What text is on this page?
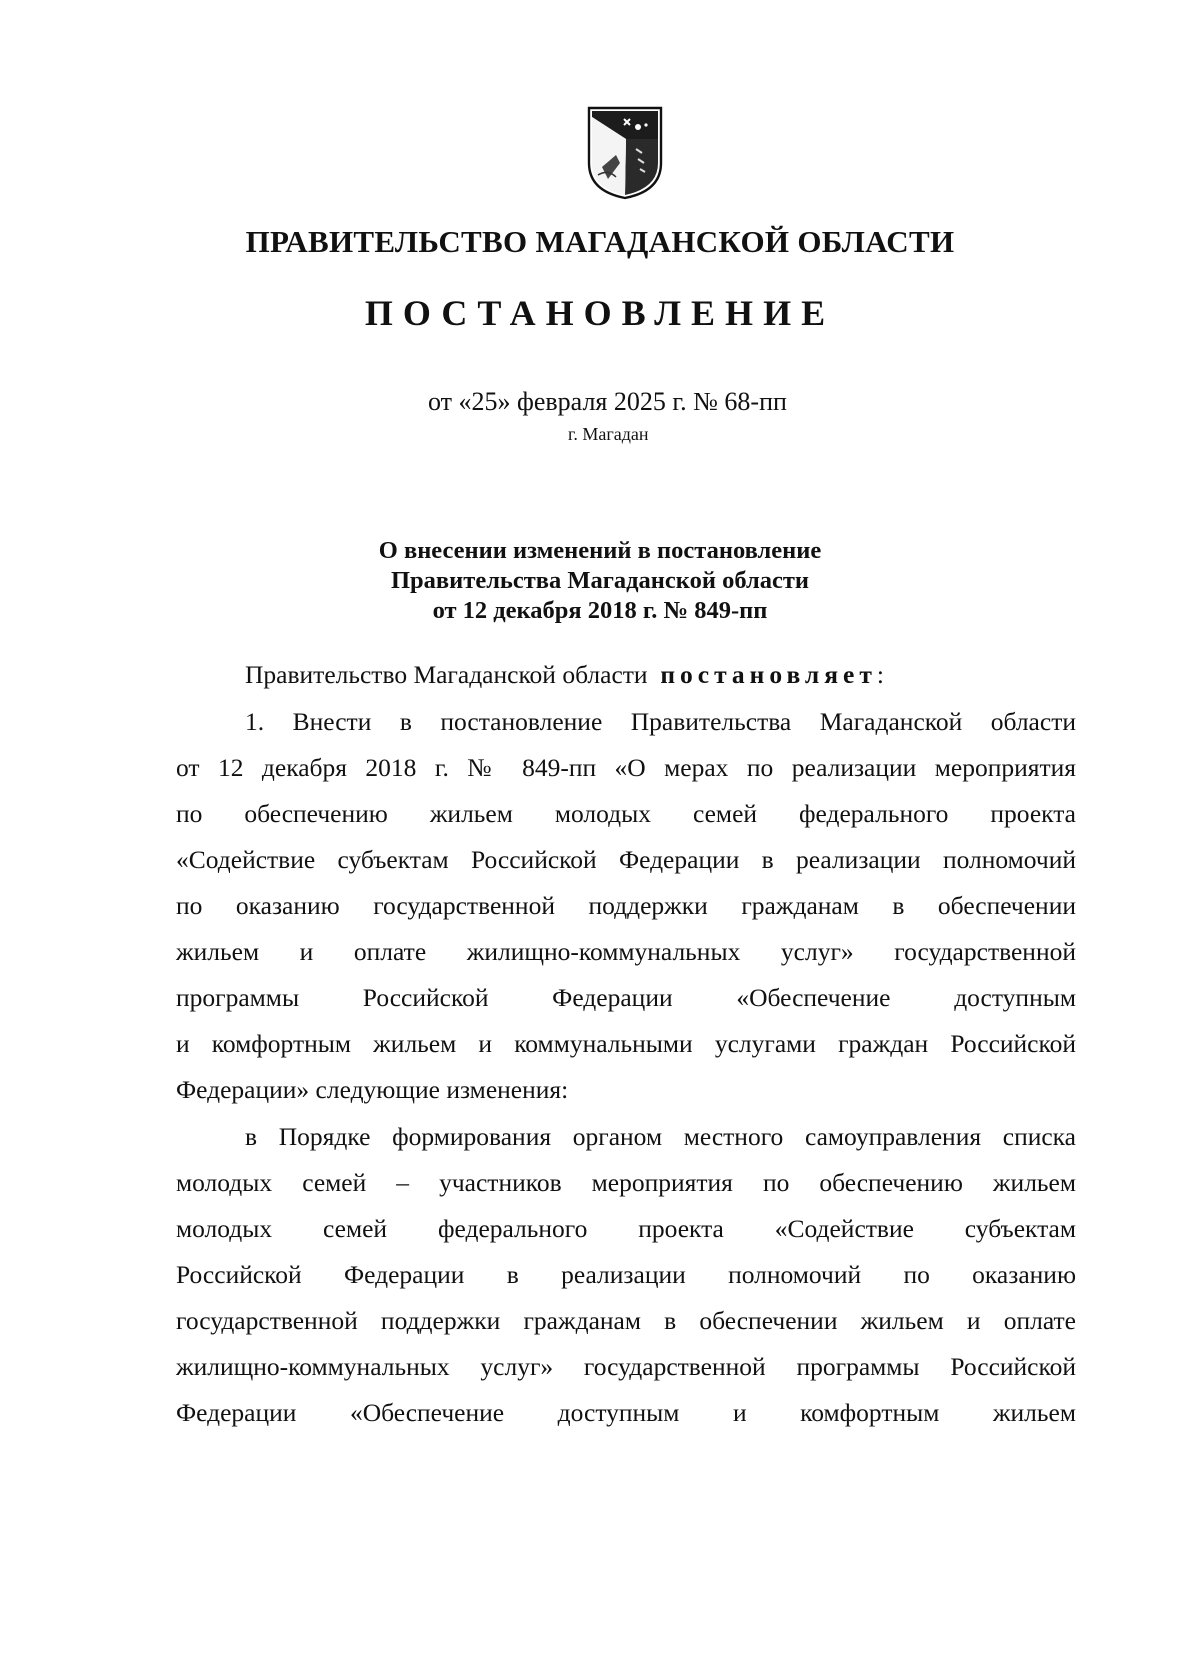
ПРАВИТЕЛЬСТВО МАГАДАНСКОЙ ОБЛАСТИ
ПОСТАНОВЛЕНИЕ
от «25» февраля 2025 г. № 68-пп
г. Магадан
О внесении изменений в постановление
Правительства Магаданской области
от 12 декабря 2018 г. № 849-пп
Правительство Магаданской области постановляет:
1. Внести в постановление Правительства Магаданской области
от 12 декабря 2018 г. № 849-пп «О мерах по реализации мероприятия
по обеспечению жильем молодых семей федерального проекта
«Содействие субъектам Российской Федерации в реализации полномочий
по оказанию государственной поддержки гражданам в обеспечении
жильем и оплате жилищно-коммунальных услуг» государственной
программы Российской Федерации «Обеспечение доступным
и комфортным жильем и коммунальными услугами граждан Российской
Федерации» следующие изменения:
в Порядке формирования органом местного самоуправления списка
молодых семей – участников мероприятия по обеспечению жильем
молодых семей федерального проекта «Содействие субъектам
Российской Федерации в реализации полномочий по оказанию
государственной поддержки гражданам в обеспечении жильем и оплате
жилищно-коммунальных услуг» государственной программы Российской
Федерации «Обеспечение доступным и комфортным жильем
